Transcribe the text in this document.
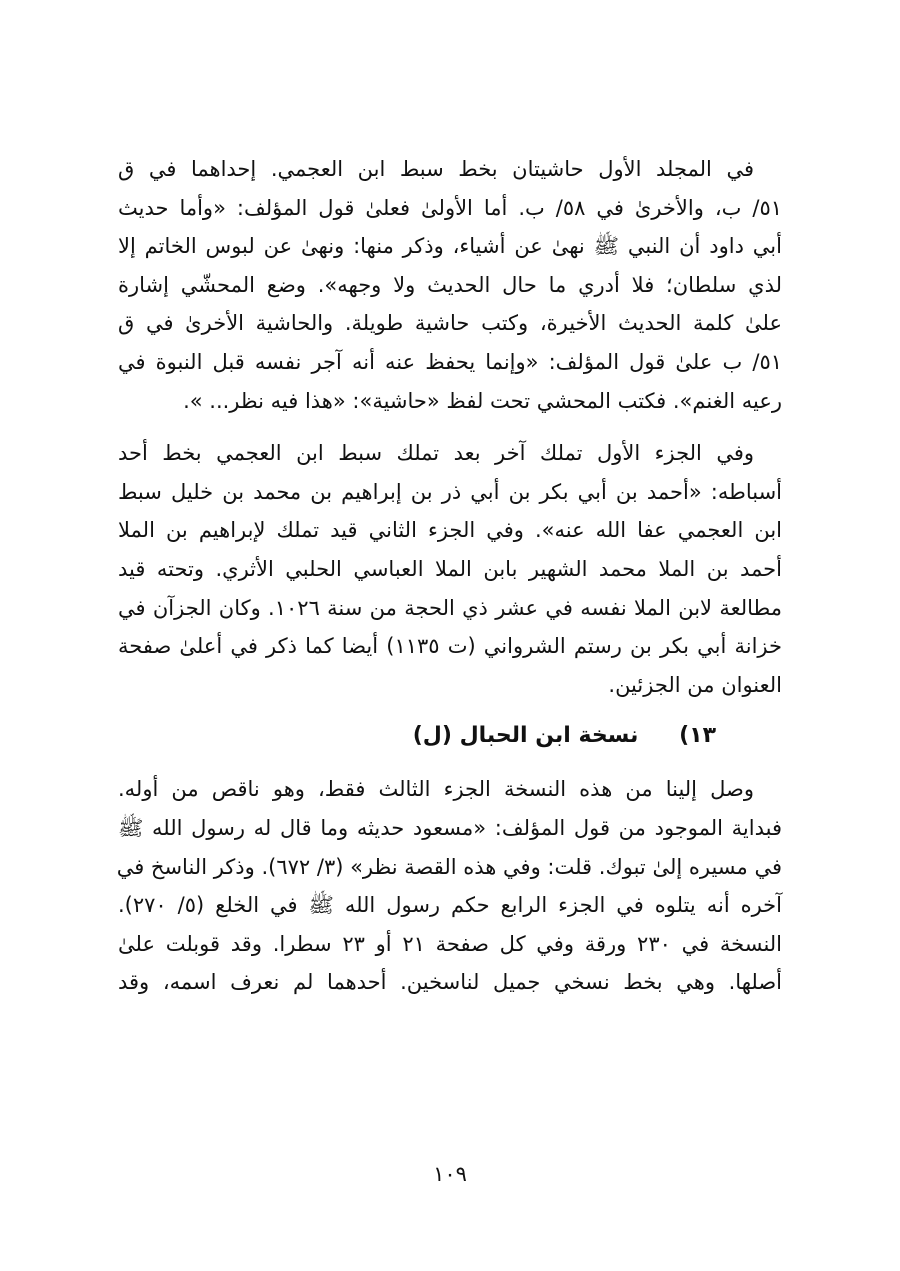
في المجلد الأول حاشيتان بخط سبط ابن العجمي. إحداهما في ق
٥١/ ب، والأخرىٰ في ٥٨/ ب. أما الأولىٰ فعلىٰ قول المؤلف: «وأما حديث
أبي داود أن النبي ﷺ نهىٰ عن أشياء، وذكر منها: ونهىٰ عن لبوس الخاتم إلا
لذي سلطان؛ فلا أدري ما حال الحديث ولا وجهه». وضع المحشّي إشارة
علىٰ كلمة الحديث الأخيرة، وكتب حاشية طويلة. والحاشية الأخرىٰ في ق
٥١/ ب علىٰ قول المؤلف: «وإنما يحفظ عنه أنه آجر نفسه قبل النبوة في
رعيه الغنم». فكتب المحشي تحت لفظ «حاشية»: «هذا فيه نظر... ».

وفي الجزء الأول تملك آخر بعد تملك سبط ابن العجمي بخط أحد
أسباطه: «أحمد بن أبي بكر بن أبي ذر بن إبراهيم بن محمد بن خليل سبط
ابن العجمي عفا الله عنه». وفي الجزء الثاني قيد تملك لإبراهيم بن الملا
أحمد بن الملا محمد الشهير بابن الملا العباسي الحلبي الأثري. وتحته قيد
مطالعة لابن الملا نفسه في عشر ذي الحجة من سنة ١٠٢٦. وكان الجزآن في
خزانة أبي بكر بن رستم الشرواني (ت ١١٣٥) أيضا كما ذكر في أعلىٰ صفحة
العنوان من الجزئين.

١٣) نسخة ابن الحبال (ل)

وصل إلينا من هذه النسخة الجزء الثالث فقط، وهو ناقص من أوله.
فبداية الموجود من قول المؤلف: «مسعود حديثه وما قال له رسول الله ﷺ
في مسيره إلىٰ تبوك. قلت: وفي هذه القصة نظر» (٣/ ٦٧٢). وذكر الناسخ في
آخره أنه يتلوه في الجزء الرابع حكم رسول الله ﷺ في الخلع (٥/ ٢٧٠).
النسخة في ٢٣٠ ورقة وفي كل صفحة ٢١ أو ٢٣ سطرا. وقد قوبلت علىٰ
أصلها. وهي بخط نسخي جميل لناسخين. أحدهما لم نعرف اسمه، وقد

١٠٩
